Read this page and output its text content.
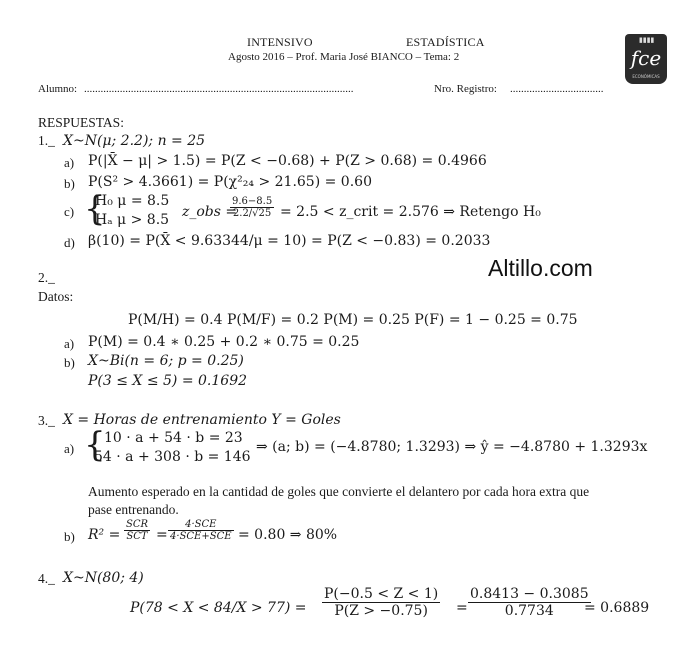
INTENSIVO	ESTADÍSTICA
Agosto 2016 – Prof. Maria José BIANCO – Tema: 2
▮▮▮▮
fce
ECONÓMICAS
Alumno: ..................................................................................................	Nro. Registro: ..................................
Altillo.com
RESPUESTAS:
1._ X~N(μ; 2.2); n = 25
a) P(|X̄ − μ| > 1.5) = P(Z < −0.68) + P(Z > 0.68) = 0.4966
b) P(S² > 4.3661) = P(χ²₂₄ > 21.65) = 0.60
c) {
H₀ μ = 8.5
Hₐ μ > 8.5 z_obs =
$\frac{9.6-8.5}{2.2/√25} = 2.5$ < z_crit = 2.576 ⇒ Retengo H₀
d) β(10) = P(X̄ < 9.63344/μ = 10) = P(Z < −0.83) = 0.2033
2._
Datos:
P(M/H) = 0.4 P(M/F) = 0.2 P(M) = 0.25 P(F) = 1 − 0.25 = 0.75
a) P(M) = 0.4 ∗ 0.25 + 0.2 ∗ 0.75 = 0.25
b) X~Bi(n = 6; p = 0.25)
P(3 ≤ X ≤ 5) = 0.1692
3._ X = Horas de entrenamiento Y = Goles
a) {
10 · a + 54 · b = 23
54 · a + 308 · b = 146
⇒ (a; b) = (−4.8780; 1.3293) ⇒ ŷ = −4.8780 + 1.3293x
Aumento esperado en la cantidad de goles que convierte el delantero por cada hora extra que
pase entrenando.
b) $R^2 = \frac{\text{SCR}}{\text{SCT}} = \frac{\text{4·SCE}}{\text{4·SCE+SCE}} = 0.80$ ⇒ 80%
4._ X~N(80; 4)
$P(78 < X < 84/X > 77) = \frac{P(-0.5 < Z < 1)}{P(Z > -0.75)} = \frac{0.8413 - 0.3085}{0.7734}$
= 0.6889
